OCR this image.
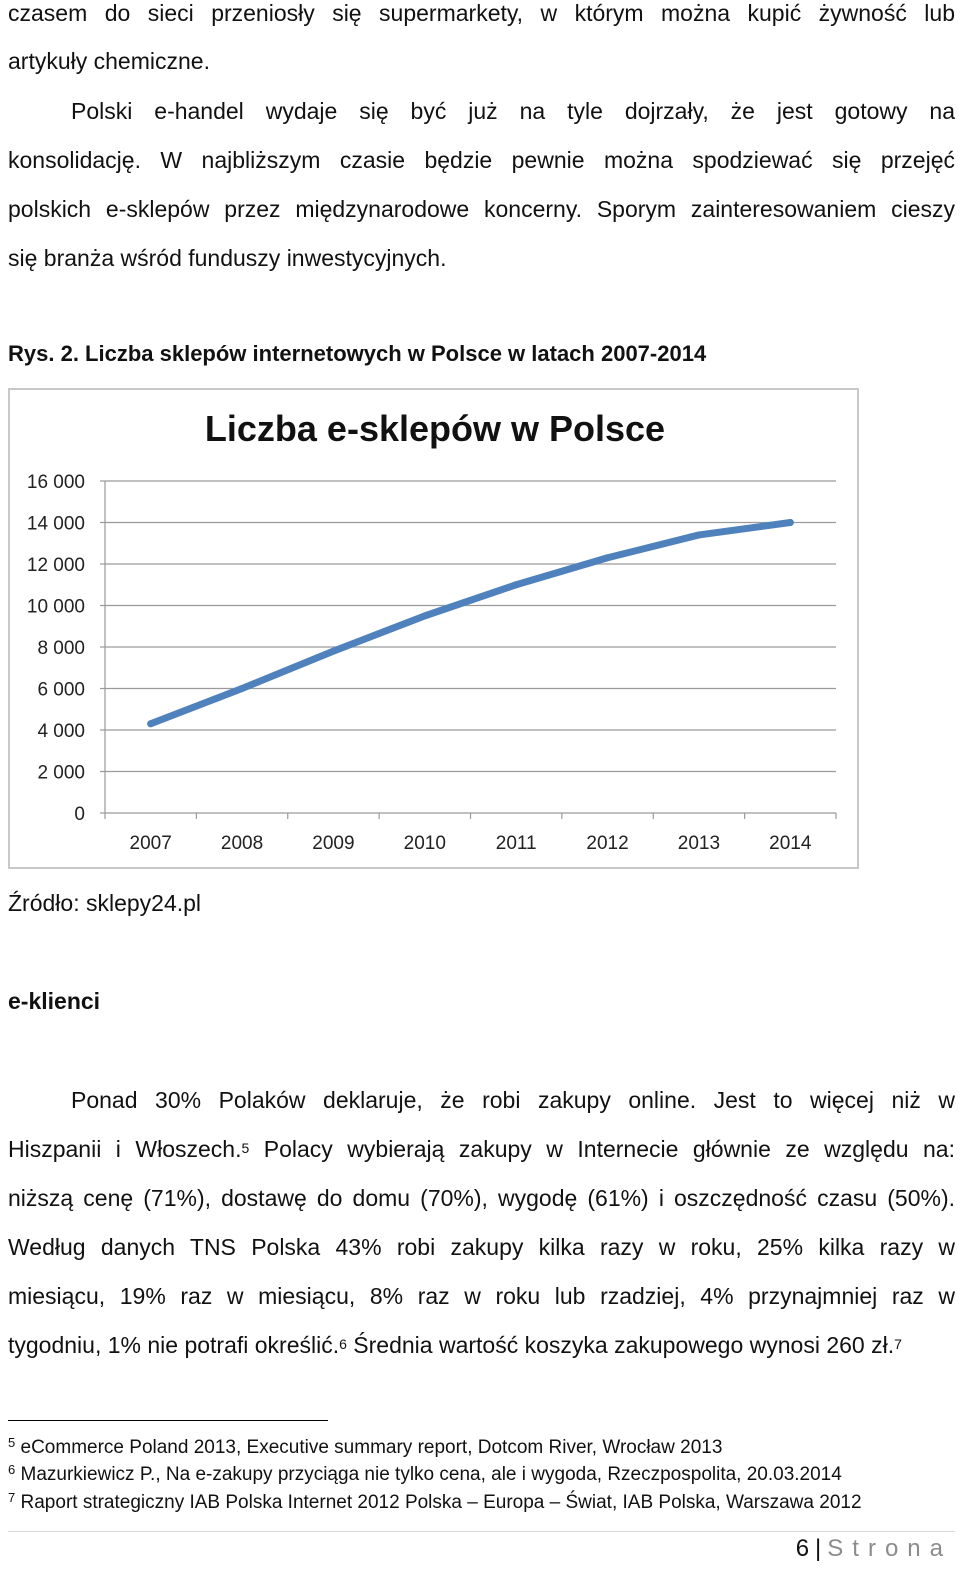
czasem do sieci przeniosły się supermarkety, w którym można kupić żywność lub
artykuły chemiczne.
Polski e-handel wydaje się być już na tyle dojrzały, że jest gotowy na
konsolidację. W najbliższym czasie będzie pewnie można spodziewać się przejęć
polskich e-sklepów przez międzynarodowe koncerny. Sporym zainteresowaniem cieszy
się branża wśród funduszy inwestycyjnych.
Rys. 2. Liczba sklepów internetowych w Polsce w latach 2007-2014
Liczba e-sklepów w Polsce
0
2 000
4 000
6 000
8 000
10 000
12 000
14 000
16 000
2007	2008	2009	2010	2011	2012	2013	2014
Źródło: sklepy24.pl
e-klienci
Ponad 30% Polaków deklaruje, że robi zakupy online. Jest to więcej niż w
Hiszpanii i Włoszech.$^5$ Polacy wybierają zakupy w Internecie głównie ze względu na:
niższą cenę (71%), dostawę do domu (70%), wygodę (61%) i oszczędność czasu (50%).
Według danych TNS Polska 43% robi zakupy kilka razy w roku, 25% kilka razy w
miesiącu, 19% raz w miesiącu, 8% raz w roku lub rzadziej, 4% przynajmniej raz w
tygodniu, 1% nie potrafi określić.$^6$ Średnia wartość koszyka zakupowego wynosi 260 zł.$^7$
$^5$ eCommerce Poland 2013, Executive summary report, Dotcom River, Wrocław 2013
$^6$ Mazurkiewicz P., Na e-zakupy przyciąga nie tylko cena, ale i wygoda, Rzeczpospolita, 20.03.2014
$^7$ Raport strategiczny IAB Polska Internet 2012 Polska – Europa – Świat, IAB Polska, Warszawa 2012
6 | Strona
